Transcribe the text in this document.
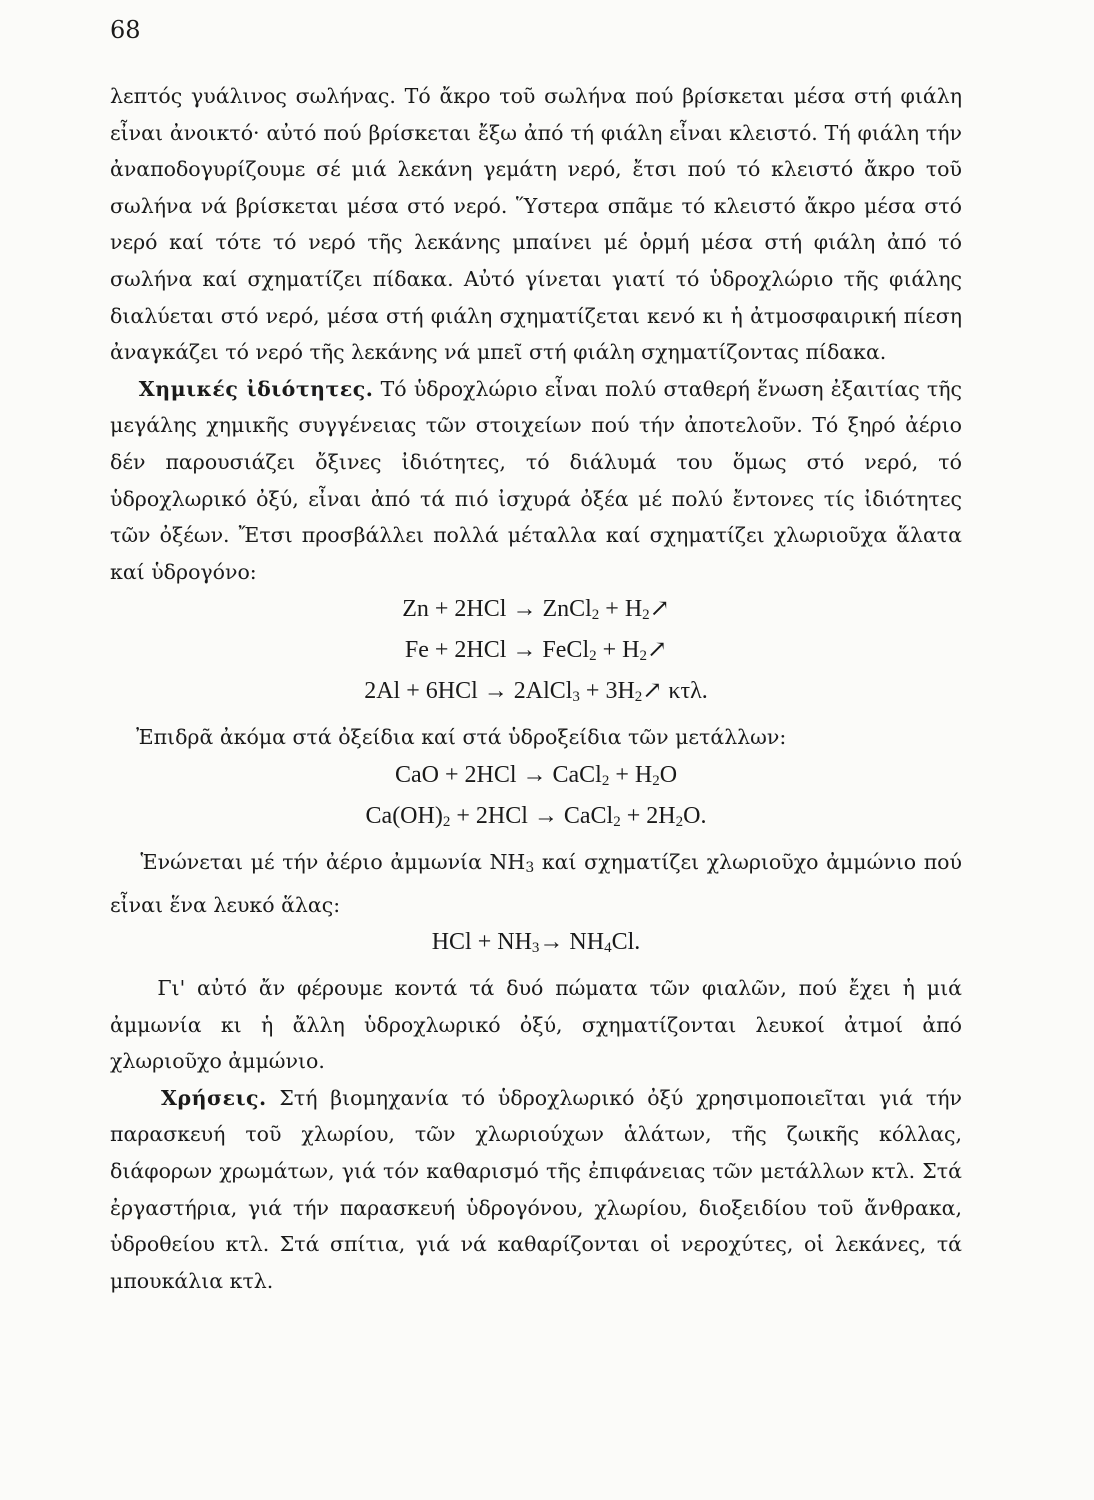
68

λεπτός γυάλινος σωλήνας. Τό ἄκρο τοῦ σωλήνα πού βρίσκεται μέσα στή φιάλη εἶναι ἀνοικτό· αὐτό πού βρίσκεται ἔξω ἀπό τή φιάλη εἶναι κλειστό. Τή φιάλη τήν ἀναποδογυρίζουμε σέ μιά λεκάνη γεμάτη νερό, ἔτσι πού τό κλειστό ἄκρο τοῦ σωλήνα νά βρίσκεται μέσα στό νερό. Ὕστερα σπᾶμε τό κλειστό ἄκρο μέσα στό νερό καί τότε τό νερό τῆς λεκάνης μπαίνει μέ ὁρμή μέσα στή φιάλη ἀπό τό σωλήνα καί σχηματίζει πίδακα. Αὐτό γίνεται γιατί τό ὑδροχλώριο τῆς φιάλης διαλύεται στό νερό, μέσα στή φιάλη σχηματίζεται κενό κι ἡ ἀτμοσφαιρική πίεση ἀναγκάζει τό νερό τῆς λεκάνης νά μπεῖ στή φιάλη σχηματίζοντας πίδακα.

Χημικές ἰδιότητες. Τό ὑδροχλώριο εἶναι πολύ σταθερή ἕνωση ἐξαιτίας τῆς μεγάλης χημικῆς συγγένειας τῶν στοιχείων πού τήν ἀποτελοῦν. Τό ξηρό ἀέριο δέν παρουσιάζει ὄξινες ἰδιότητες, τό διάλυμά του ὅμως στό νερό, τό ὑδροχλωρικό ὀξύ, εἶναι ἀπό τά πιό ἰσχυρά ὀξέα μέ πολύ ἔντονες τίς ἰδιότητες τῶν ὀξέων. Ἔτσι προσβάλλει πολλά μέταλλα καί σχηματίζει χλωριοῦχα ἅλατα καί ὑδρογόνο:

Zn + 2HCl → ZnCl$_2$ + $H_2↗$
Fe + 2HCl → FeCl$_2$ + $H_2↗$
2Al + 6HCl → 2AlCl$_3$ + $3H_2↗$ κτλ.

Ἐπιδρᾶ ἀκόμα στά ὀξείδια καί στά ὑδροξείδια τῶν μετάλλων:

CaO + 2HCl → CaCl$_2$ + $H_2O$
$Ca(OH)_2 + 2HCl$ → CaCl$_2$ + $2H_2O$.

Ἑνώνεται μέ τήν ἀέριο ἀμμωνία $NH_3$ καί σχηματίζει χλωριοῦχο ἀμμώνιο πού εἶναι ἕνα λευκό ἅλας:

HCl + $NH_3\to NH_4Cl$.

Γι' αὐτό ἄν φέρουμε κοντά τά δυό πώματα τῶν φιαλῶν, πού ἔχει ἡ μιά ἀμμωνία κι ἡ ἄλλη ὑδροχλωρικό ὀξύ, σχηματίζονται λευκοί ἀτμοί ἀπό χλωριοῦχο ἀμμώνιο.

Χρήσεις. Στή βιομηχανία τό ὑδροχλωρικό ὀξύ χρησιμοποιεῖται γιά τήν παρασκευή τοῦ χλωρίου, τῶν χλωριούχων ἁλάτων, τῆς ζωικῆς κόλλας, διάφορων χρωμάτων, γιά τόν καθαρισμό τῆς ἐπιφάνειας τῶν μετάλλων κτλ. Στά ἐργαστήρια, γιά τήν παρασκευή ὑδρογόνου, χλωρίου, διοξειδίου τοῦ ἄνθρακα, ὑδροθείου κτλ. Στά σπίτια, γιά νά καθαρίζονται οἱ νεροχύτες, οἱ λεκάνες, τά μπουκάλια κτλ.
